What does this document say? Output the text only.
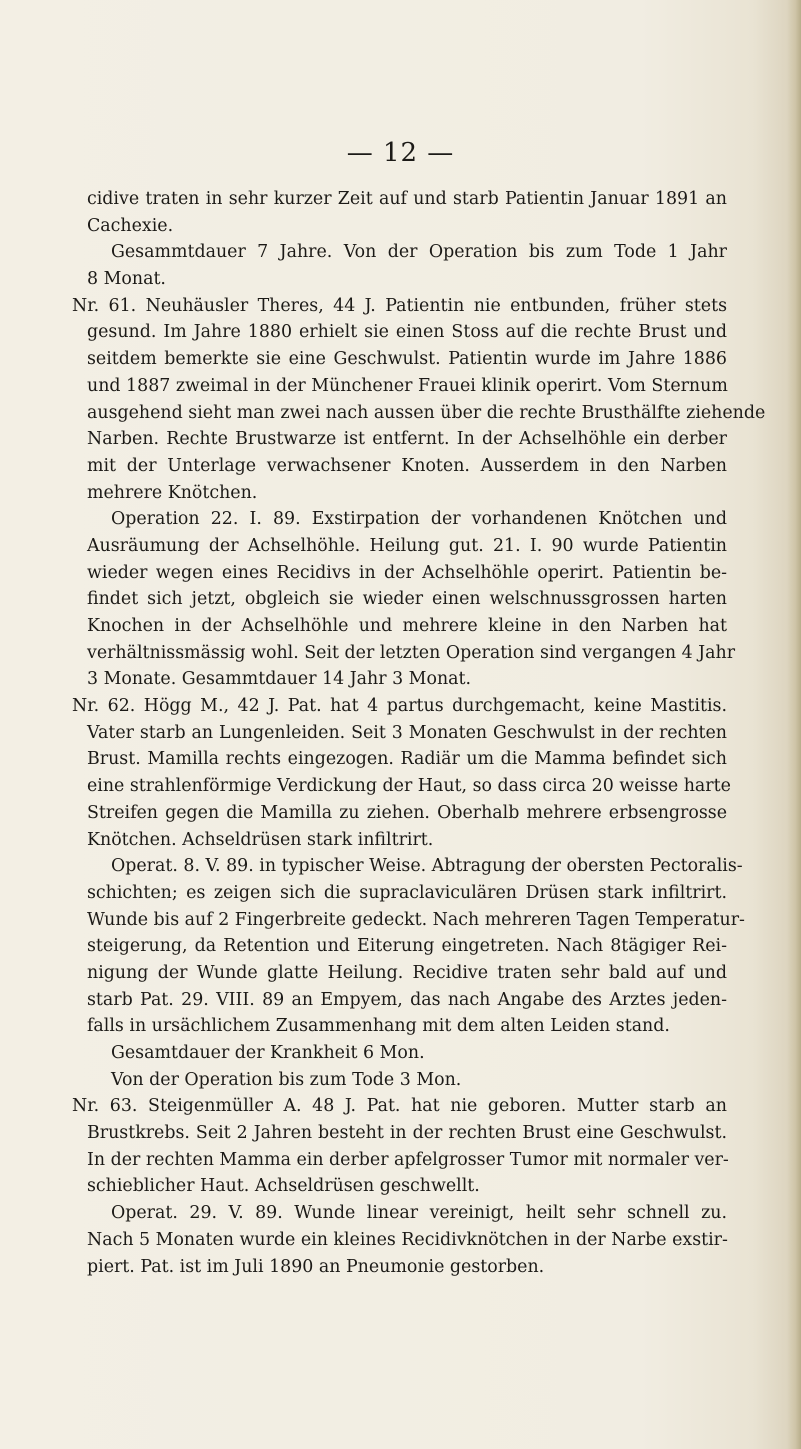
— 12 —
cidive traten in sehr kurzer Zeit auf und starb Patientin Januar 1891 an
Cachexie.
Gesammtdauer 7 Jahre. Von der Operation bis zum Tode 1 Jahr
8 Monat.
Nr. 61. Neuhäusler Theres, 44 J. Patientin nie entbunden, früher stets
gesund. Im Jahre 1880 erhielt sie einen Stoss auf die rechte Brust und
seitdem bemerkte sie eine Geschwulst. Patientin wurde im Jahre 1886
und 1887 zweimal in der Münchener Frauei klinik operirt. Vom Sternum
ausgehend sieht man zwei nach aussen über die rechte Brusthälfte ziehende
Narben. Rechte Brustwarze ist entfernt. In der Achselhöhle ein derber
mit der Unterlage verwachsener Knoten. Ausserdem in den Narben
mehrere Knötchen.
Operation 22. I. 89. Exstirpation der vorhandenen Knötchen und
Ausräumung der Achselhöhle. Heilung gut. 21. I. 90 wurde Patientin
wieder wegen eines Recidivs in der Achselhöhle operirt. Patientin be-
findet sich jetzt, obgleich sie wieder einen welschnussgrossen harten
Knochen in der Achselhöhle und mehrere kleine in den Narben hat
verhältnissmässig wohl. Seit der letzten Operation sind vergangen 4 Jahr
3 Monate. Gesammtdauer 14 Jahr 3 Monat.
Nr. 62. Högg M., 42 J. Pat. hat 4 partus durchgemacht, keine Mastitis.
Vater starb an Lungenleiden. Seit 3 Monaten Geschwulst in der rechten
Brust. Mamilla rechts eingezogen. Radiär um die Mamma befindet sich
eine strahlenförmige Verdickung der Haut, so dass circa 20 weisse harte
Streifen gegen die Mamilla zu ziehen. Oberhalb mehrere erbsengrosse
Knötchen. Achseldrüsen stark infiltrirt.
Operat. 8. V. 89. in typischer Weise. Abtragung der obersten Pectoralis-
schichten; es zeigen sich die supraclaviculären Drüsen stark infiltrirt.
Wunde bis auf 2 Fingerbreite gedeckt. Nach mehreren Tagen Temperatur-
steigerung, da Retention und Eiterung eingetreten. Nach 8tägiger Rei-
nigung der Wunde glatte Heilung. Recidive traten sehr bald auf und
starb Pat. 29. VIII. 89 an Empyem, das nach Angabe des Arztes jeden-
falls in ursächlichem Zusammenhang mit dem alten Leiden stand.
Gesamtdauer der Krankheit 6 Mon.
Von der Operation bis zum Tode 3 Mon.
Nr. 63. Steigenmüller A. 48 J. Pat. hat nie geboren. Mutter starb an
Brustkrebs. Seit 2 Jahren besteht in der rechten Brust eine Geschwulst.
In der rechten Mamma ein derber apfelgrosser Tumor mit normaler ver-
schieblicher Haut. Achseldrüsen geschwellt.
Operat. 29. V. 89. Wunde linear vereinigt, heilt sehr schnell zu.
Nach 5 Monaten wurde ein kleines Recidivknötchen in der Narbe exstir-
piert. Pat. ist im Juli 1890 an Pneumonie gestorben.
